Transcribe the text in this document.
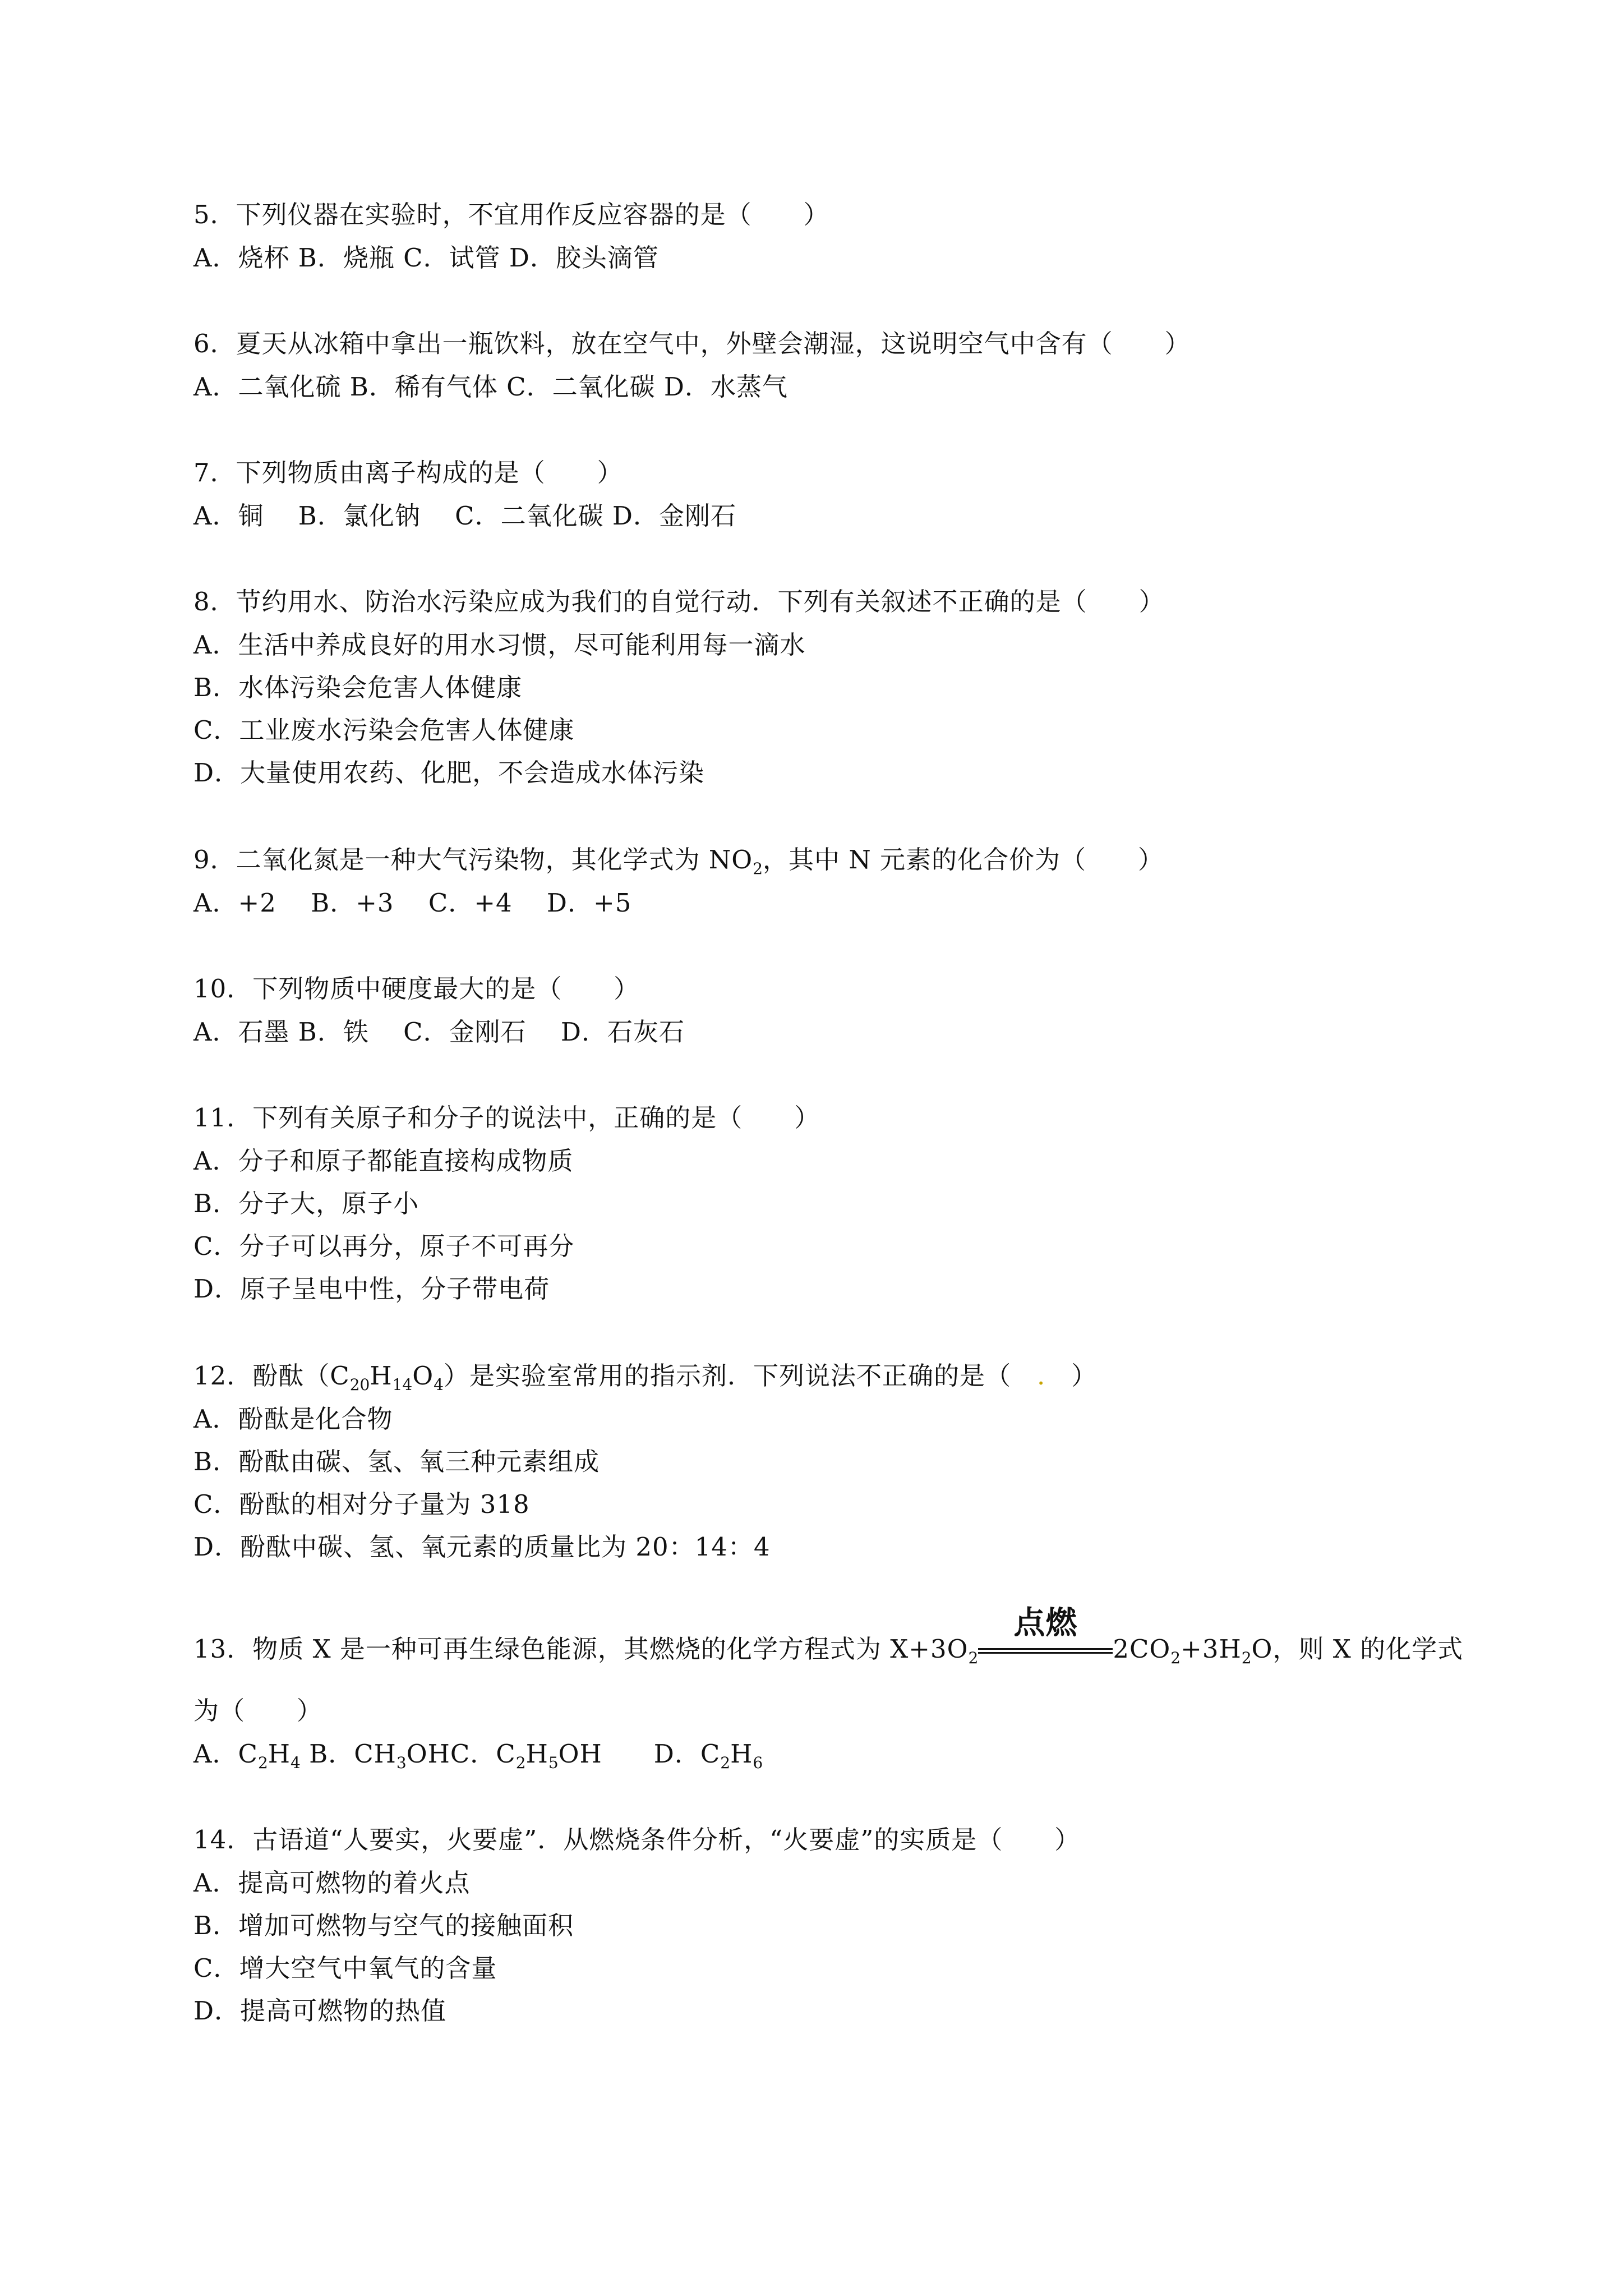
5．下列仪器在实验时，不宜用作反应容器的是（　　）

A．烧杯 B．烧瓶 C．试管 D．胶头滴管

6．夏天从冰箱中拿出一瓶饮料，放在空气中，外壁会潮湿，这说明空气中含有（　　）

A．二氧化硫 B．稀有气体 C．二氧化碳 D．水蒸气

7．下列物质由离子构成的是（　　）

A．铜　 B．氯化钠　 C．二氧化碳 D．金刚石

8．节约用水、防治水污染应成为我们的自觉行动．下列有关叙述不正确的是（　　）

A．生活中养成良好的用水习惯，尽可能利用每一滴水

B．水体污染会危害人体健康

C．工业废水污染会危害人体健康

D．大量使用农药、化肥，不会造成水体污染

9．二氧化氮是一种大气污染物，其化学式为 $NO_2$，其中 N 元素的化合价为（　　）

A．+2　 B．+3　 C．+4　 D．+5

10．下列物质中硬度最大的是（　　）

A．石墨 B．铁　 C．金刚石　 D．石灰石

11．下列有关原子和分子的说法中，正确的是（　　）

A．分子和原子都能直接构成物质

B．分子大，原子小

C．分子可以再分，原子不可再分

D．原子呈电中性，分子带电荷

12．酚酞$(C_{20}H_{14}O_4)$是实验室常用的指示剂．下列说法不正确的是（　.　）

A．酚酞是化合物

B．酚酞由碳、氢、氧三种元素组成

C．酚酞的相对分子量为 318

D．酚酞中碳、氢、氧元素的质量比为 20：14：4

13．物质 X 是一种可再生绿色能源，其燃烧的化学方程式为 $X+3O_2$
点燃
$2CO_2+3H_2O$，则 X 的化学式

为（　　）

A．$C_2H_4$ B．$CH_3OHC$．$C_2H_5OH$　　D．$C_2H_6$

14．古语道“人要实，火要虚”．从燃烧条件分析，“火要虚”的实质是（　　）

A．提高可燃物的着火点

B．增加可燃物与空气的接触面积

C．增大空气中氧气的含量

D．提高可燃物的热值
